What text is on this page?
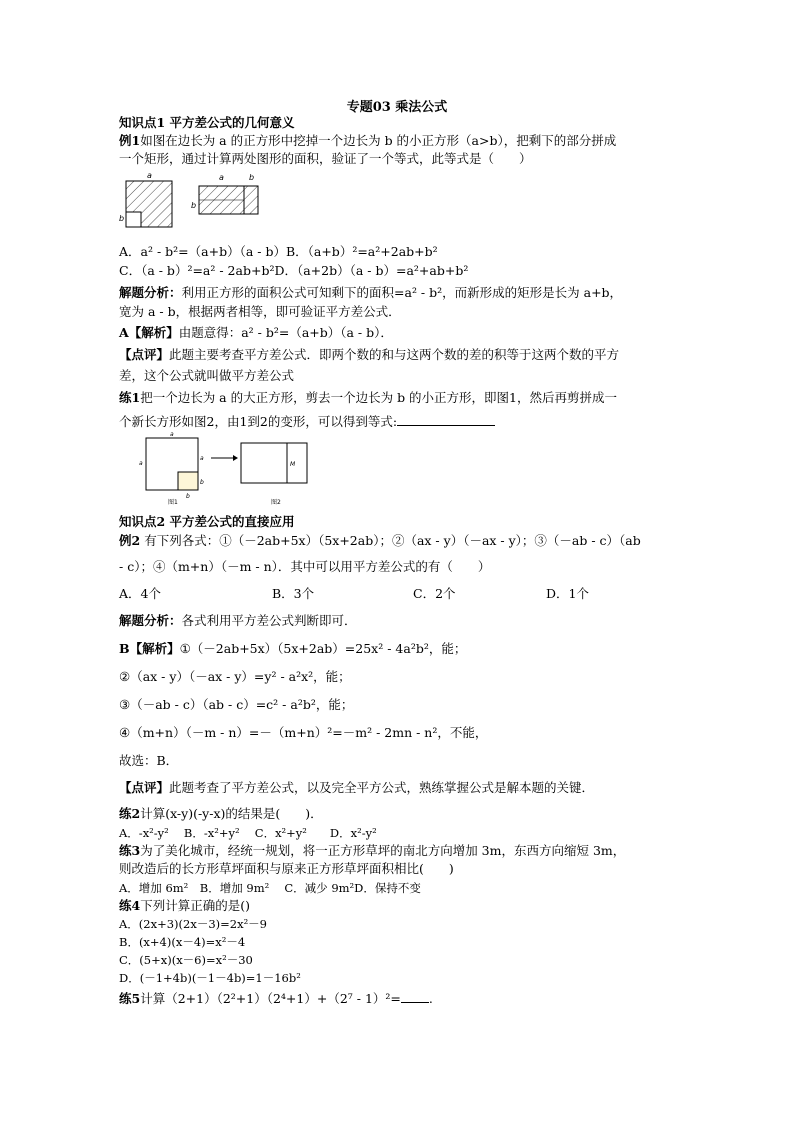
专题03 乘法公式
知识点1 平方差公式的几何意义
例1如图在边长为 a 的正方形中挖掉一个边长为 b 的小正方形（a>b），把剩下的部分拼成
一个矩形，通过计算两处图形的面积，验证了一个等式，此等式是（　　）
a
b
a	b
b
A．a² - b²=（a+b）（a - b）B．（a+b）²=a²+2ab+b²
C．（a - b）²=a² - 2ab+b²D．（a+2b）（a - b）=a²+ab+b²
解题分析：利用正方形的面积公式可知剩下的面积=a² - b²，而新形成的矩形是长为 a+b，
宽为 a - b，根据两者相等，即可验证平方差公式．
A【解析】由题意得：a² - b²=（a+b）（a - b）．
【点评】此题主要考查平方差公式．即两个数的和与这两个数的差的积等于这两个数的平方
差，这个公式就叫做平方差公式
练1把一个边长为 a 的大正方形，剪去一个边长为 b 的小正方形，即图1，然后再剪拼成一
个新长方形如图2，由1到2的变形，可以得到等式:
a
a
a
b
b
图1
M
图2
知识点2 平方差公式的直接应用
例2 有下列各式：①（－2ab+5x）（5x+2ab）；②（ax - y）（－ax - y）；③（－ab - c）（ab
- c）；④（m+n）（－m - n）．其中可以用平方差公式的有（　　）
A．4个	B．3个	C．2个	D．1个
解题分析：各式利用平方差公式判断即可．
B【解析】①（－2ab+5x）（5x+2ab）=25x² - 4a²b²，能；
②（ax - y）（－ax - y）=y² - a²x²，能；
③（－ab - c）（ab - c）=c² - a²b²，能；
④（m+n）（－m - n）=－（m+n）²=－m² - 2mn - n²，不能，
故选：B．
【点评】此题考查了平方差公式，以及完全平方公式，熟练掌握公式是解本题的关键．
练2计算(x-y)(-y-x)的结果是(　　)．
A．-x²-y²　 B．-x²+y²　 C．x²+y²　　D．x²-y²
练3为了美化城市，经统一规划，将一正方形草坪的南北方向增加 3m，东西方向缩短 3m，
则改造后的长方形草坪面积与原来正方形草坪面积相比(　　)
A．增加 6m²　B．增加 9m²　 C．减少 9m²D．保持不变
练4下列计算正确的是()
A．(2x+3)(2x－3)=2x²－9
B．(x+4)(x－4)=x²－4
C．(5+x)(x－6)=x²－30
D．(－1+4b)(－1－4b)=1－16b²
练5计算（2+1）（2²+1）（2⁴+1）+（2⁷ - 1）²= .
